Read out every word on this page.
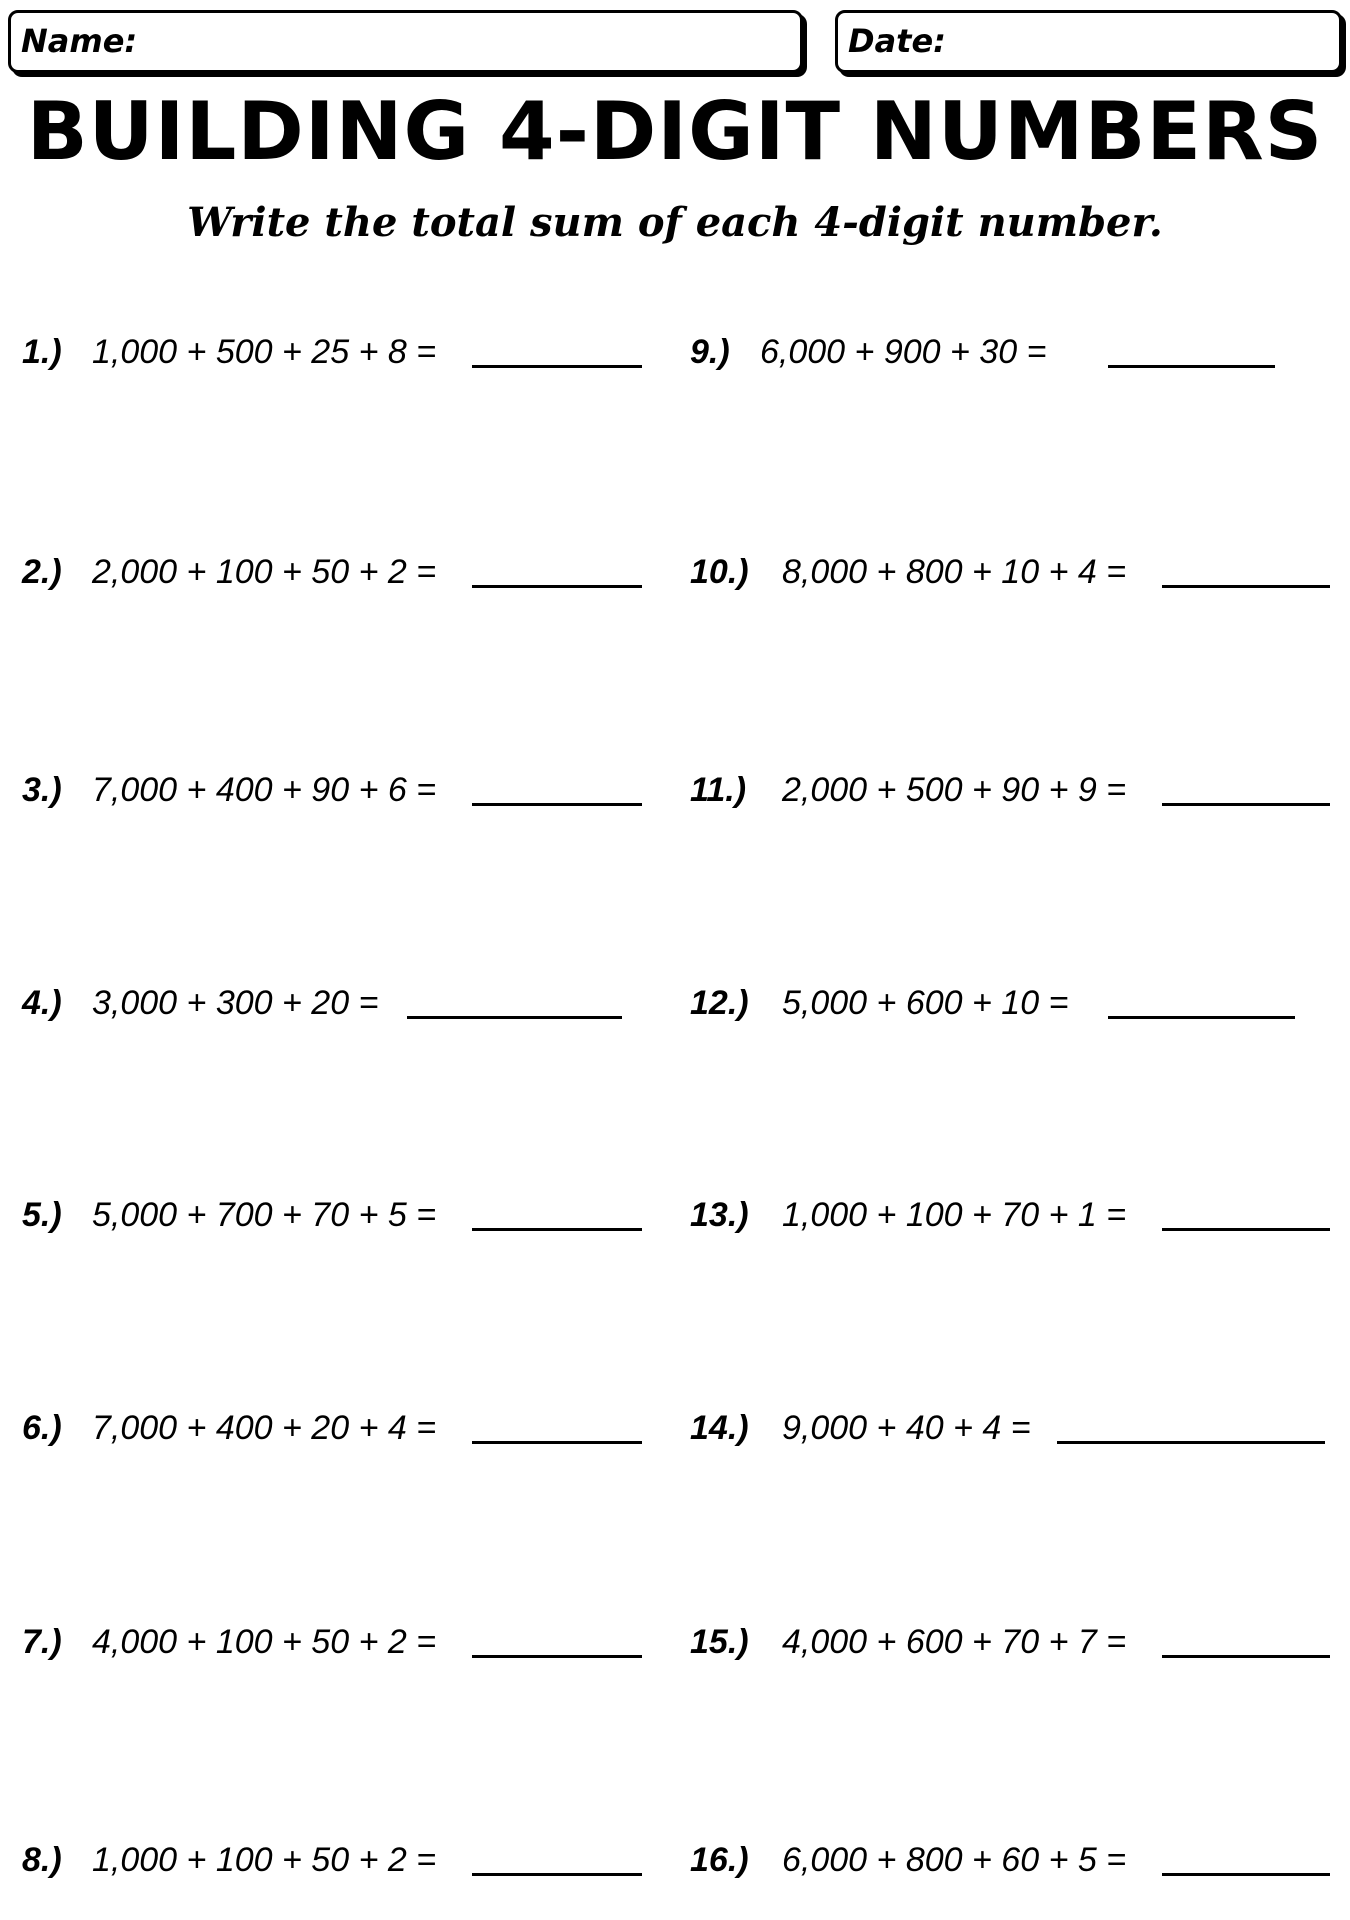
Name:	Date:
BUILDING 4-DIGIT NUMBERS
Write the total sum of each 4-digit number.
1.) 1,000 + 500 + 25 + 8 =
2.) 2,000 + 100 + 50 + 2 =
3.) 7,000 + 400 + 90 + 6 =
4.) 3,000 + 300 + 20 =
5.) 5,000 + 700 + 70 + 5 =
6.) 7,000 + 400 + 20 + 4 =
7.) 4,000 + 100 + 50 + 2 =
8.) 1,000 + 100 + 50 + 2 =
9.) 6,000 + 900 + 30 =
10.) 8,000 + 800 + 10 + 4 =
11.) 2,000 + 500 + 90 + 9 =
12.) 5,000 + 600 + 10 =
13.) 1,000 + 100 + 70 + 1 =
14.) 9,000 + 40 + 4 =
15.) 4,000 + 600 + 70 + 7 =
16.) 6,000 + 800 + 60 + 5 =
